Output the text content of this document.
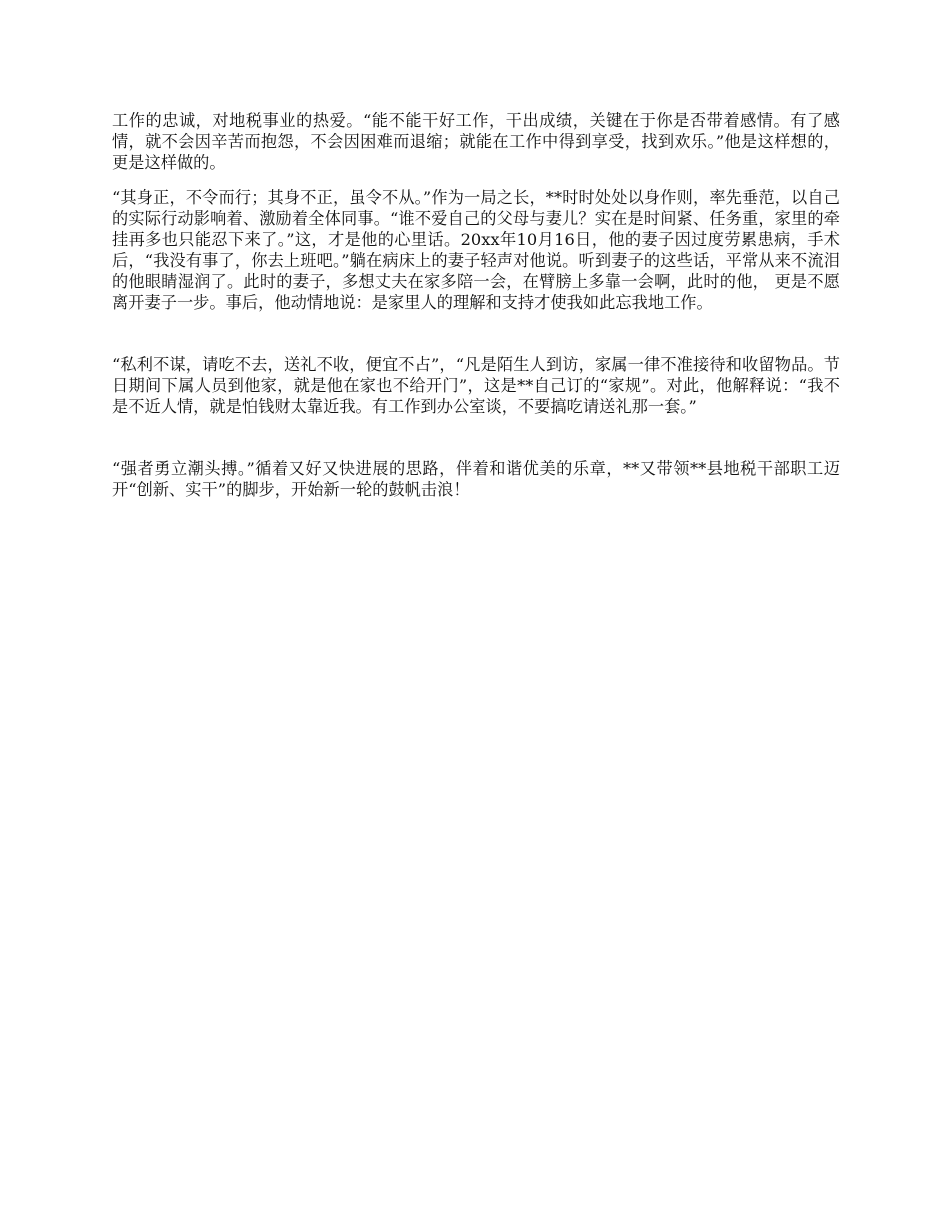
工作的忠诚，对地税事业的热爱。“能不能干好工作，干出成绩，关键在于你是否带着感情。有了感情，就不会因辛苦而抱怨，不会因困难而退缩；就能在工作中得到享受，找到欢乐。”他是这样想的，更是这样做的。

“其身正，不令而行；其身不正，虽令不从。”作为一局之长，**时时处处以身作则，率先垂范，以自己的实际行动影响着、激励着全体同事。“谁不爱自己的父母与妻儿？实在是时间紧、任务重，家里的牵挂再多也只能忍下来了。”这，才是他的心里话。20xx年10月16日，他的妻子因过度劳累患病，手术后，“我没有事了，你去上班吧。”躺在病床上的妻子轻声对他说。听到妻子的这些话，平常从来不流泪的他眼睛湿润了。此时的妻子，多想丈夫在家多陪一会，在臂膀上多靠一会啊，此时的他， 更是不愿离开妻子一步。事后，他动情地说：是家里人的理解和支持才使我如此忘我地工作。

“私利不谋，请吃不去，送礼不收，便宜不占”，“凡是陌生人到访，家属一律不准接待和收留物品。节日期间下属人员到他家，就是他在家也不给开门”，这是**自己订的“家规”。对此，他解释说：“我不是不近人情，就是怕钱财太靠近我。有工作到办公室谈，不要搞吃请送礼那一套。”

“强者勇立潮头搏。”循着又好又快进展的思路，伴着和谐优美的乐章，**又带领**县地税干部职工迈开“创新、实干”的脚步，开始新一轮的鼓帆击浪！
